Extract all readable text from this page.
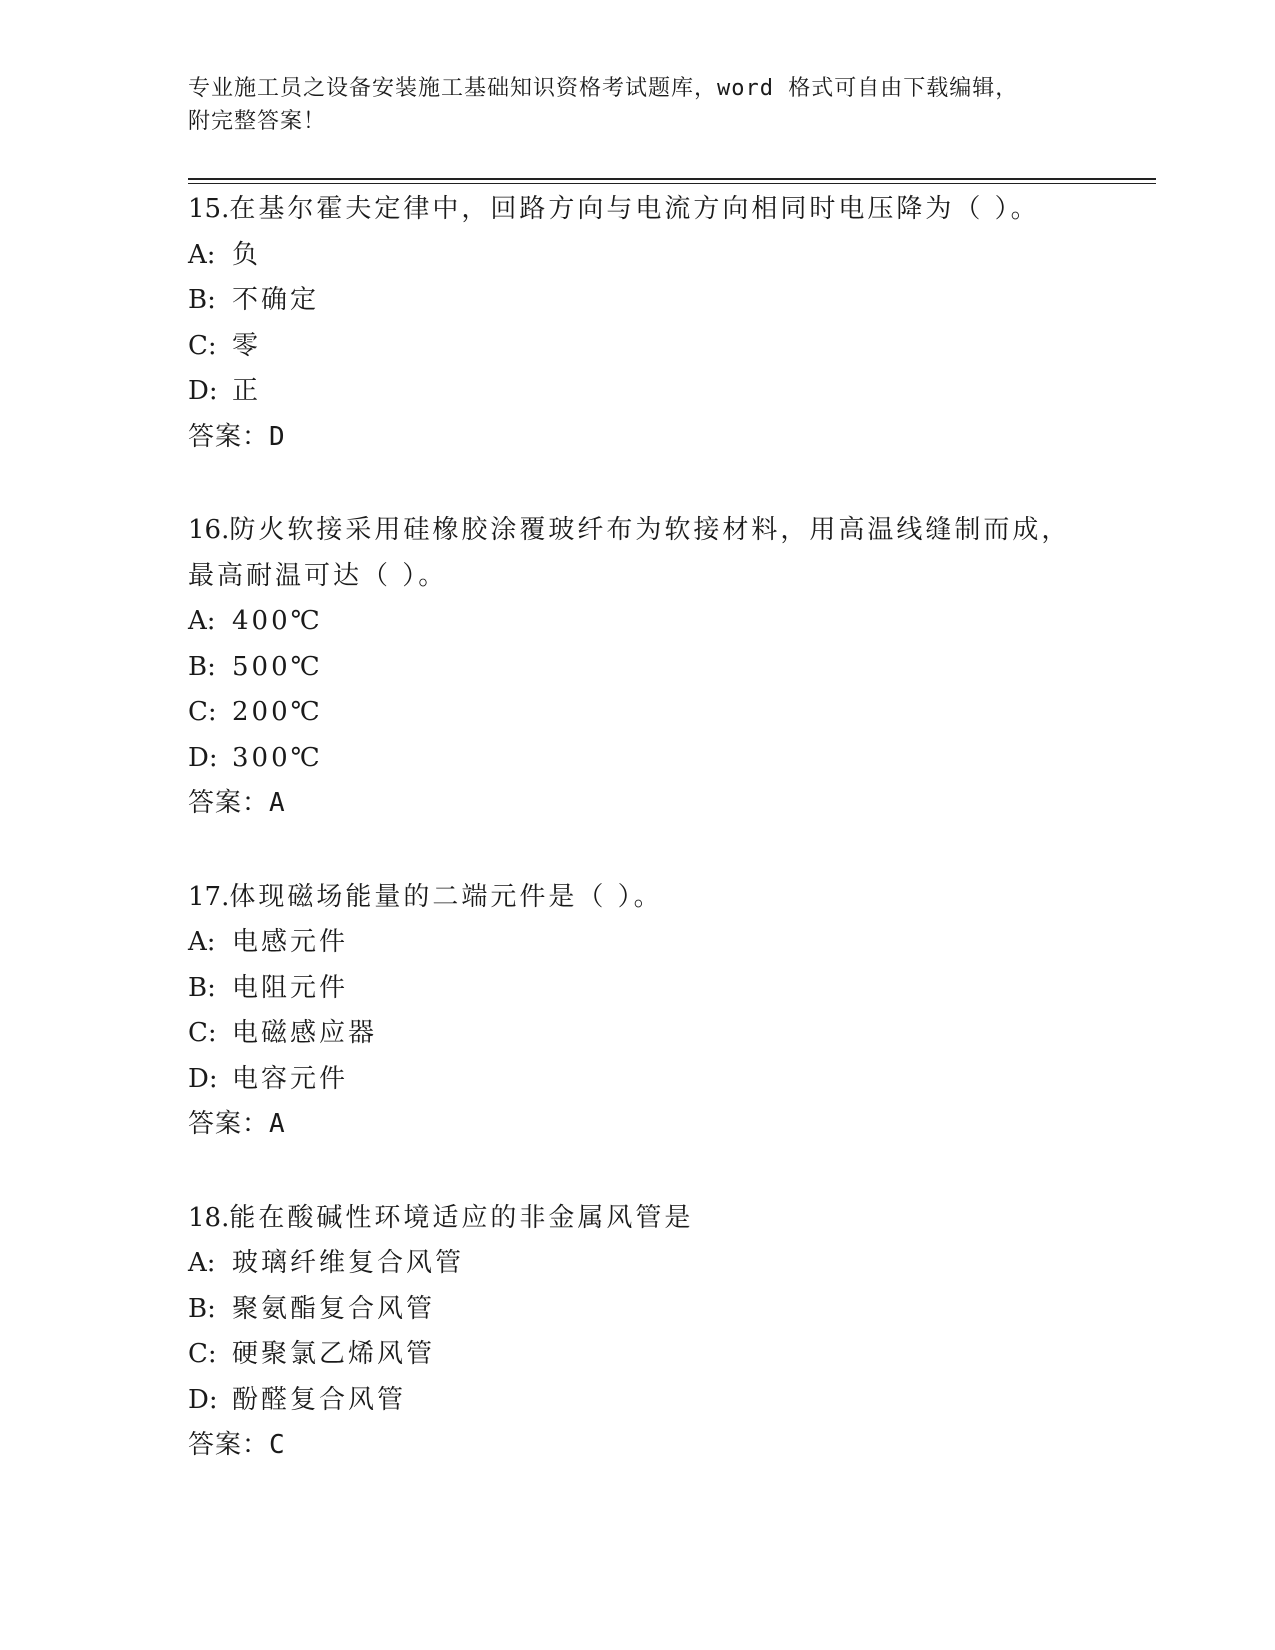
专业施工员之设备安装施工基础知识资格考试题库，word 格式可自由下载编辑，
附完整答案！
15.在基尔霍夫定律中，回路方向与电流方向相同时电压降为（ ）。
A: 负
B: 不确定
C: 零
D: 正
答案：D
16.防火软接采用硅橡胶涂覆玻纤布为软接材料，用高温线缝制而成，
最高耐温可达（ ）。
A: 400℃
B: 500℃
C: 200℃
D: 300℃
答案：A
17.体现磁场能量的二端元件是（ ）。
A: 电感元件
B: 电阻元件
C: 电磁感应器
D: 电容元件
答案：A
18.能在酸碱性环境适应的非金属风管是
A: 玻璃纤维复合风管
B: 聚氨酯复合风管
C: 硬聚氯乙烯风管
D: 酚醛复合风管
答案：C
